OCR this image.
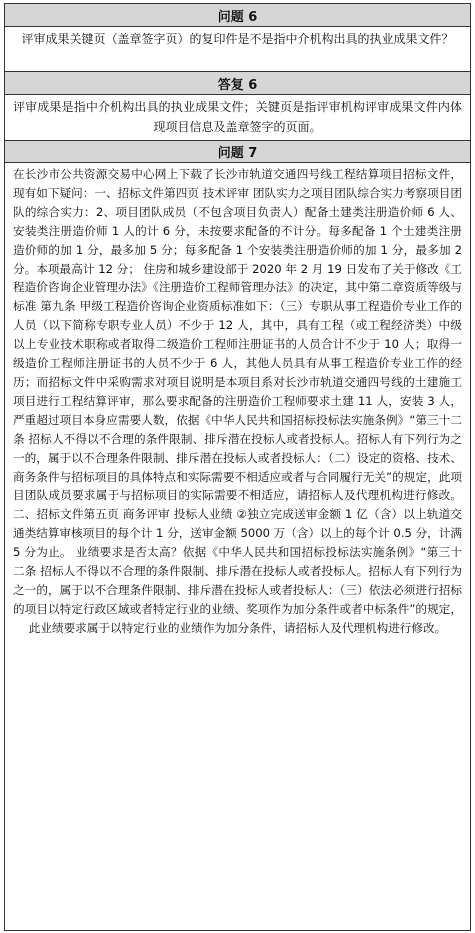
问题 6
评审成果关键页（盖章签字页）的复印件是不是指中介机构出具的执业成果文件？
答复 6
评审成果是指中介机构出具的执业成果文件；关键页是指评审机构评审成果文件内体现项目信息及盖章签字的页面。
问题 7
在长沙市公共资源交易中心网上下载了长沙市轨道交通四号线工程结算项目招标文件，现有如下疑问：一、招标文件第四页 技术评审 团队实力之项目团队综合实力考察项目团队的综合实力：2、项目团队成员（不包含项目负责人）配备土建类注册造价师 6 人、安装类注册造价师 1 人的计 6 分，未按要求配备的不计分。每多配备 1 个土建类注册造价师的加 1 分，最多加 5 分；每多配备 1 个安装类注册造价师的加 1 分，最多加 2 分。本项最高计 12 分； 住房和城乡建设部于 2020 年 2 月 19 日发布了关于修改《工程造价咨询企业管理办法》《注册造价工程师管理办法》的决定，其中第二章资质等级与标准 第九条 甲级工程造价咨询企业资质标准如下：（三）专职从事工程造价专业工作的人员（以下简称专职专业人员）不少于 12 人，其中，具有工程（或工程经济类）中级以上专业技术职称或者取得二级造价工程师注册证书的人员合计不少于 10 人；取得一级造价工程师注册证书的人员不少于 6 人，其他人员具有从事工程造价专业工作的经历；而招标文件中采购需求对项目说明是本项目系对长沙市轨道交通四号线的土建施工项目进行工程结算评审，那么要求配备的注册造价工程师要求土建 11 人，安装 3 人，严重超过项目本身应需要人数，依据《中华人民共和国招标投标法实施条例》“第三十二条 招标人不得以不合理的条件限制、排斥潜在投标人或者投标人。招标人有下列行为之一的，属于以不合理条件限制、排斥潜在投标人或者投标人：（二）设定的资格、技术、商务条件与招标项目的具体特点和实际需要不相适应或者与合同履行无关”的规定，此项目团队成员要求属于与招标项目的实际需要不相适应，请招标人及代理机构进行修改。 二、招标文件第五页 商务评审 投标人业绩 ②独立完成送审金额 1 亿（含）以上轨道交通类结算审核项目的每个计 1 分，送审金额 5000 万（含）以上的每个计 0.5 分，计满 5 分为止。 业绩要求是否太高？依据《中华人民共和国招标投标法实施条例》“第三十二条 招标人不得以不合理的条件限制、排斥潜在投标人或者投标人。招标人有下列行为之一的，属于以不合理条件限制、排斥潜在投标人或者投标人：（三）依法必须进行招标的项目以特定行政区域或者特定行业的业绩、奖项作为加分条件或者中标条件”的规定，此业绩要求属于以特定行业的业绩作为加分条件，请招标人及代理机构进行修改。
